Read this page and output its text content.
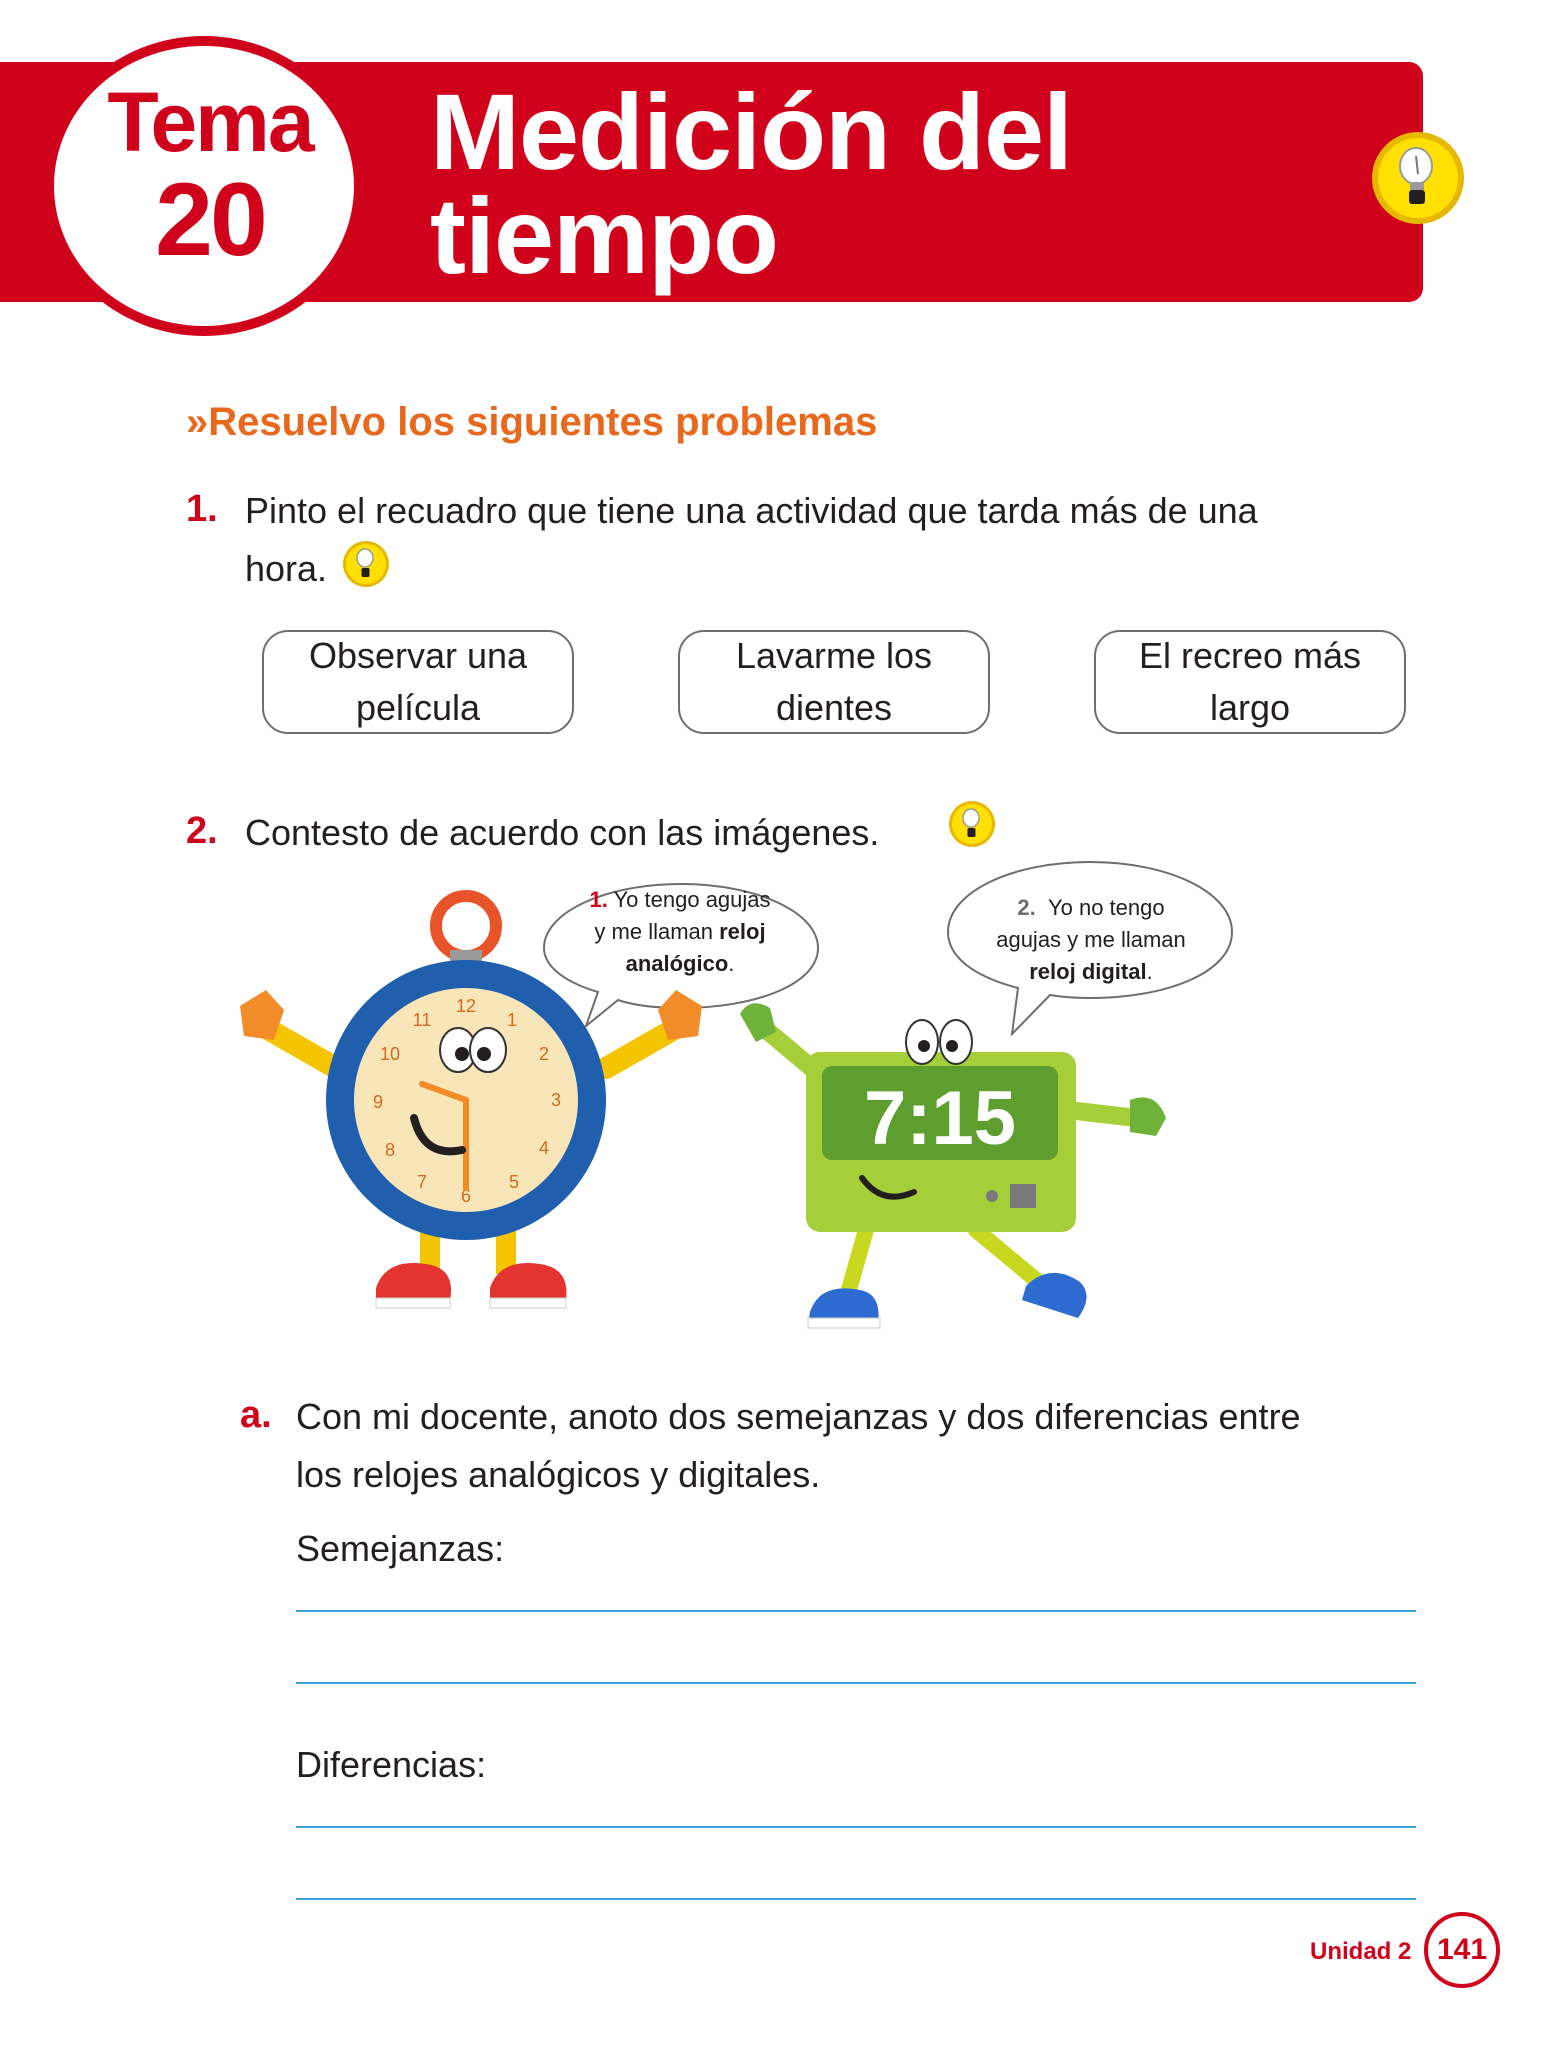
Tema
20
Medición del
tiempo
»Resuelvo los siguientes problemas
1. Pinto el recuadro que tiene una actividad que tarda más de una
hora.
Observar una película
Lavarme los dientes
El recreo más largo
2. Contesto de acuerdo con las imágenes.
1. Yo tengo agujas
y me llaman reloj
analógico.
2. Yo no tengo
agujas y me llaman
reloj digital.
12
1
2
3
4
5
6
7
8
9
10
11
7:15
a. Con mi docente, anoto dos semejanzas y dos diferencias entre
los relojes analógicos y digitales.
Semejanzas:
Diferencias:
Unidad 2 141
